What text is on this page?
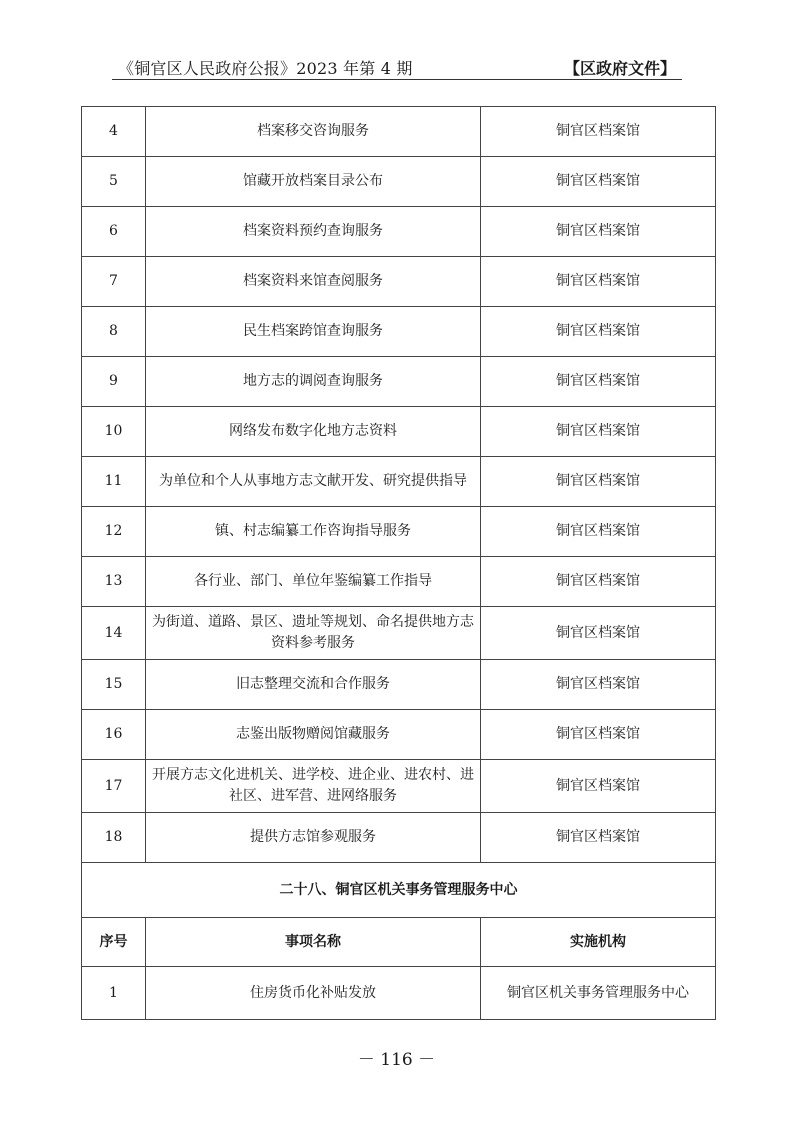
《铜官区人民政府公报》2023 年第 4 期	【区政府文件】
4	档案移交咨询服务	铜官区档案馆
5	馆藏开放档案目录公布	铜官区档案馆
6	档案资料预约查询服务	铜官区档案馆
7	档案资料来馆查阅服务	铜官区档案馆
8	民生档案跨馆查询服务	铜官区档案馆
9	地方志的调阅查询服务	铜官区档案馆
10	网络发布数字化地方志资料	铜官区档案馆
11	为单位和个人从事地方志文献开发、研究提供指导	铜官区档案馆
12	镇、村志编纂工作咨询指导服务	铜官区档案馆
13	各行业、部门、单位年鉴编纂工作指导	铜官区档案馆
14	为街道、道路、景区、遗址等规划、命名提供地方志资料参考服务	铜官区档案馆
15	旧志整理交流和合作服务	铜官区档案馆
16	志鉴出版物赠阅馆藏服务	铜官区档案馆
17	开展方志文化进机关、进学校、进企业、进农村、进社区、进军营、进网络服务	铜官区档案馆
18	提供方志馆参观服务	铜官区档案馆
二十八、铜官区机关事务管理服务中心		
序号	事项名称	实施机构
1	住房货币化补贴发放	铜官区机关事务管理服务中心
－ 116 －
